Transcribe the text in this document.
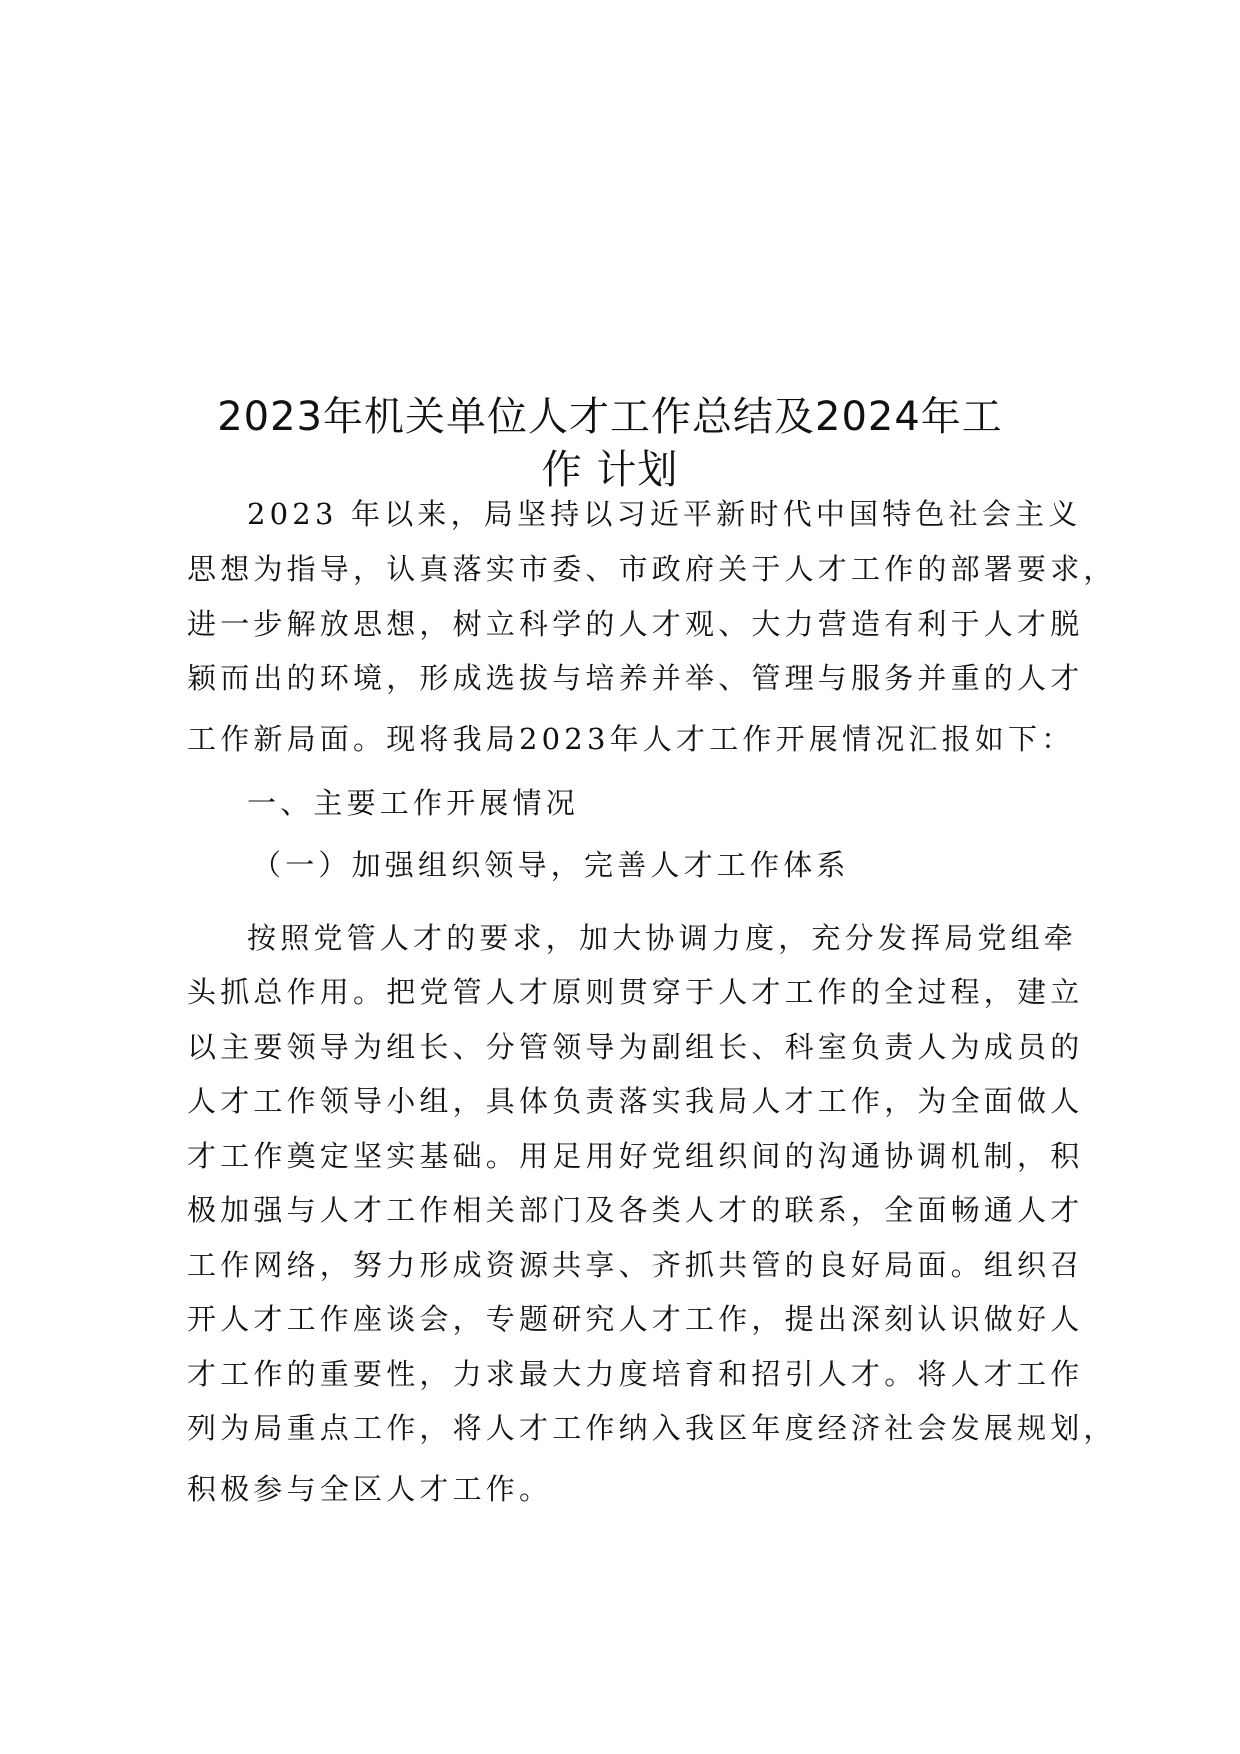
2023年机关单位人才工作总结及2024年工
作 计划

2023 年以来，局坚持以习近平新时代中国特色社会主义

思想为指导，认真落实市委、市政府关于人才工作的部署要求，

进一步解放思想，树立科学的人才观、大力营造有利于人才脱

颖而出的环境，形成选拔与培养并举、管理与服务并重的人才

工作新局面。现将我局2023年人才工作开展情况汇报如下：

一、主要工作开展情况

（一）加强组织领导，完善人才工作体系

按照党管人才的要求，加大协调力度，充分发挥局党组牵

头抓总作用。把党管人才原则贯穿于人才工作的全过程，建立

以主要领导为组长、分管领导为副组长、科室负责人为成员的

人才工作领导小组，具体负责落实我局人才工作，为全面做人

才工作奠定坚实基础。用足用好党组织间的沟通协调机制，积

极加强与人才工作相关部门及各类人才的联系，全面畅通人才

工作网络，努力形成资源共享、齐抓共管的良好局面。组织召

开人才工作座谈会，专题研究人才工作，提出深刻认识做好人

才工作的重要性，力求最大力度培育和招引人才。将人才工作

列为局重点工作，将人才工作纳入我区年度经济社会发展规划，

积极参与全区人才工作。
